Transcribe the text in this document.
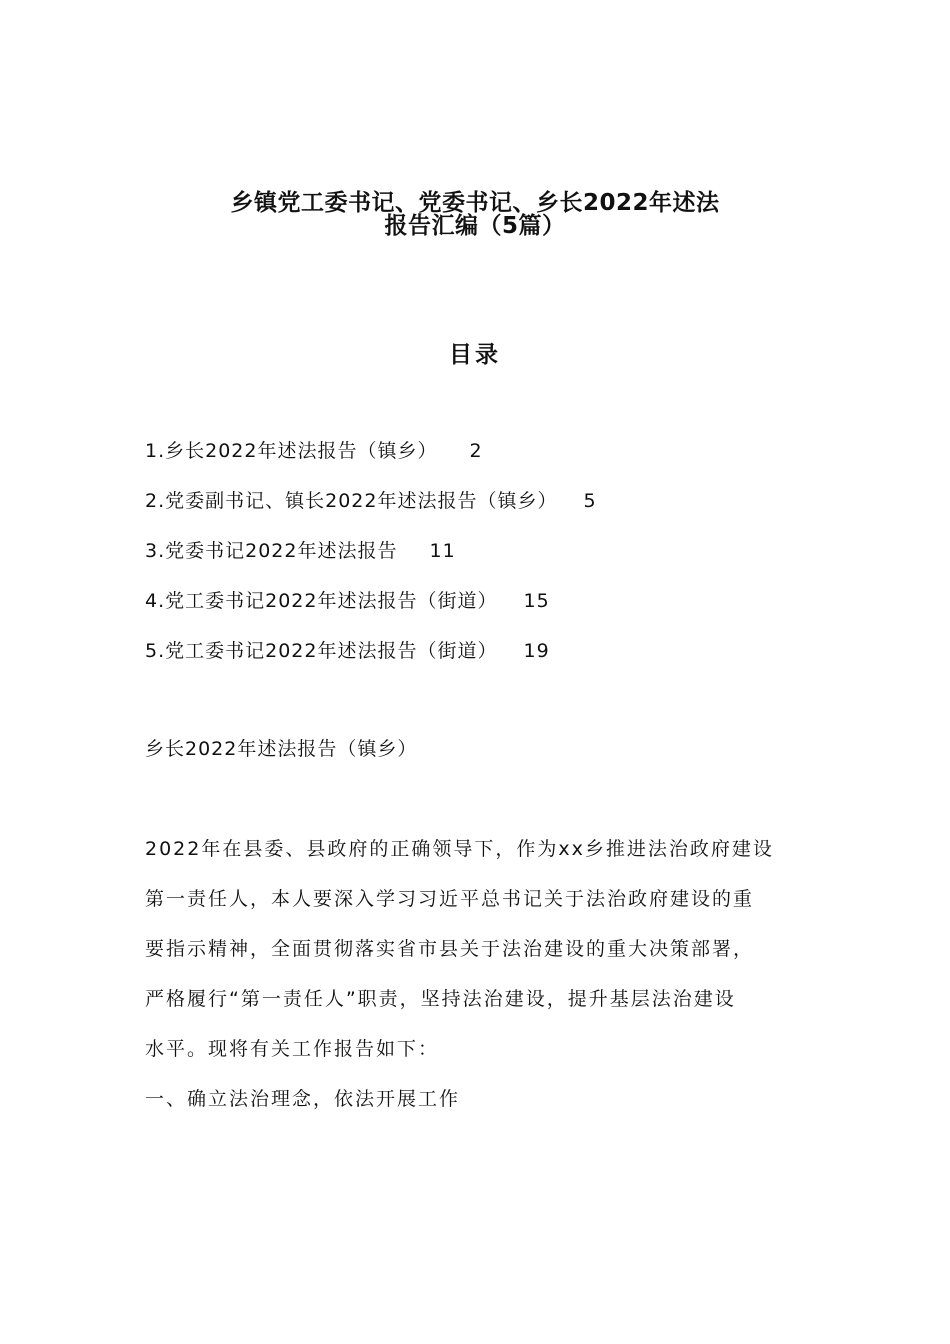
乡镇党工委书记、党委书记、乡长2022年述法
报告汇编（5篇）
目录
1.乡长2022年述法报告（镇乡） 2
2.党委副书记、镇长2022年述法报告（镇乡） 5
3.党委书记2022年述法报告 11
4.党工委书记2022年述法报告（街道） 15
5.党工委书记2022年述法报告（街道） 19
乡长2022年述法报告（镇乡）
2022年在县委、县政府的正确领导下，作为xx乡推进法治政府建设
第一责任人，本人要深入学习习近平总书记关于法治政府建设的重
要指示精神，全面贯彻落实省市县关于法治建设的重大决策部署，
严格履行“第一责任人”职责，坚持法治建设，提升基层法治建设
水平。现将有关工作报告如下：
一、确立法治理念，依法开展工作
